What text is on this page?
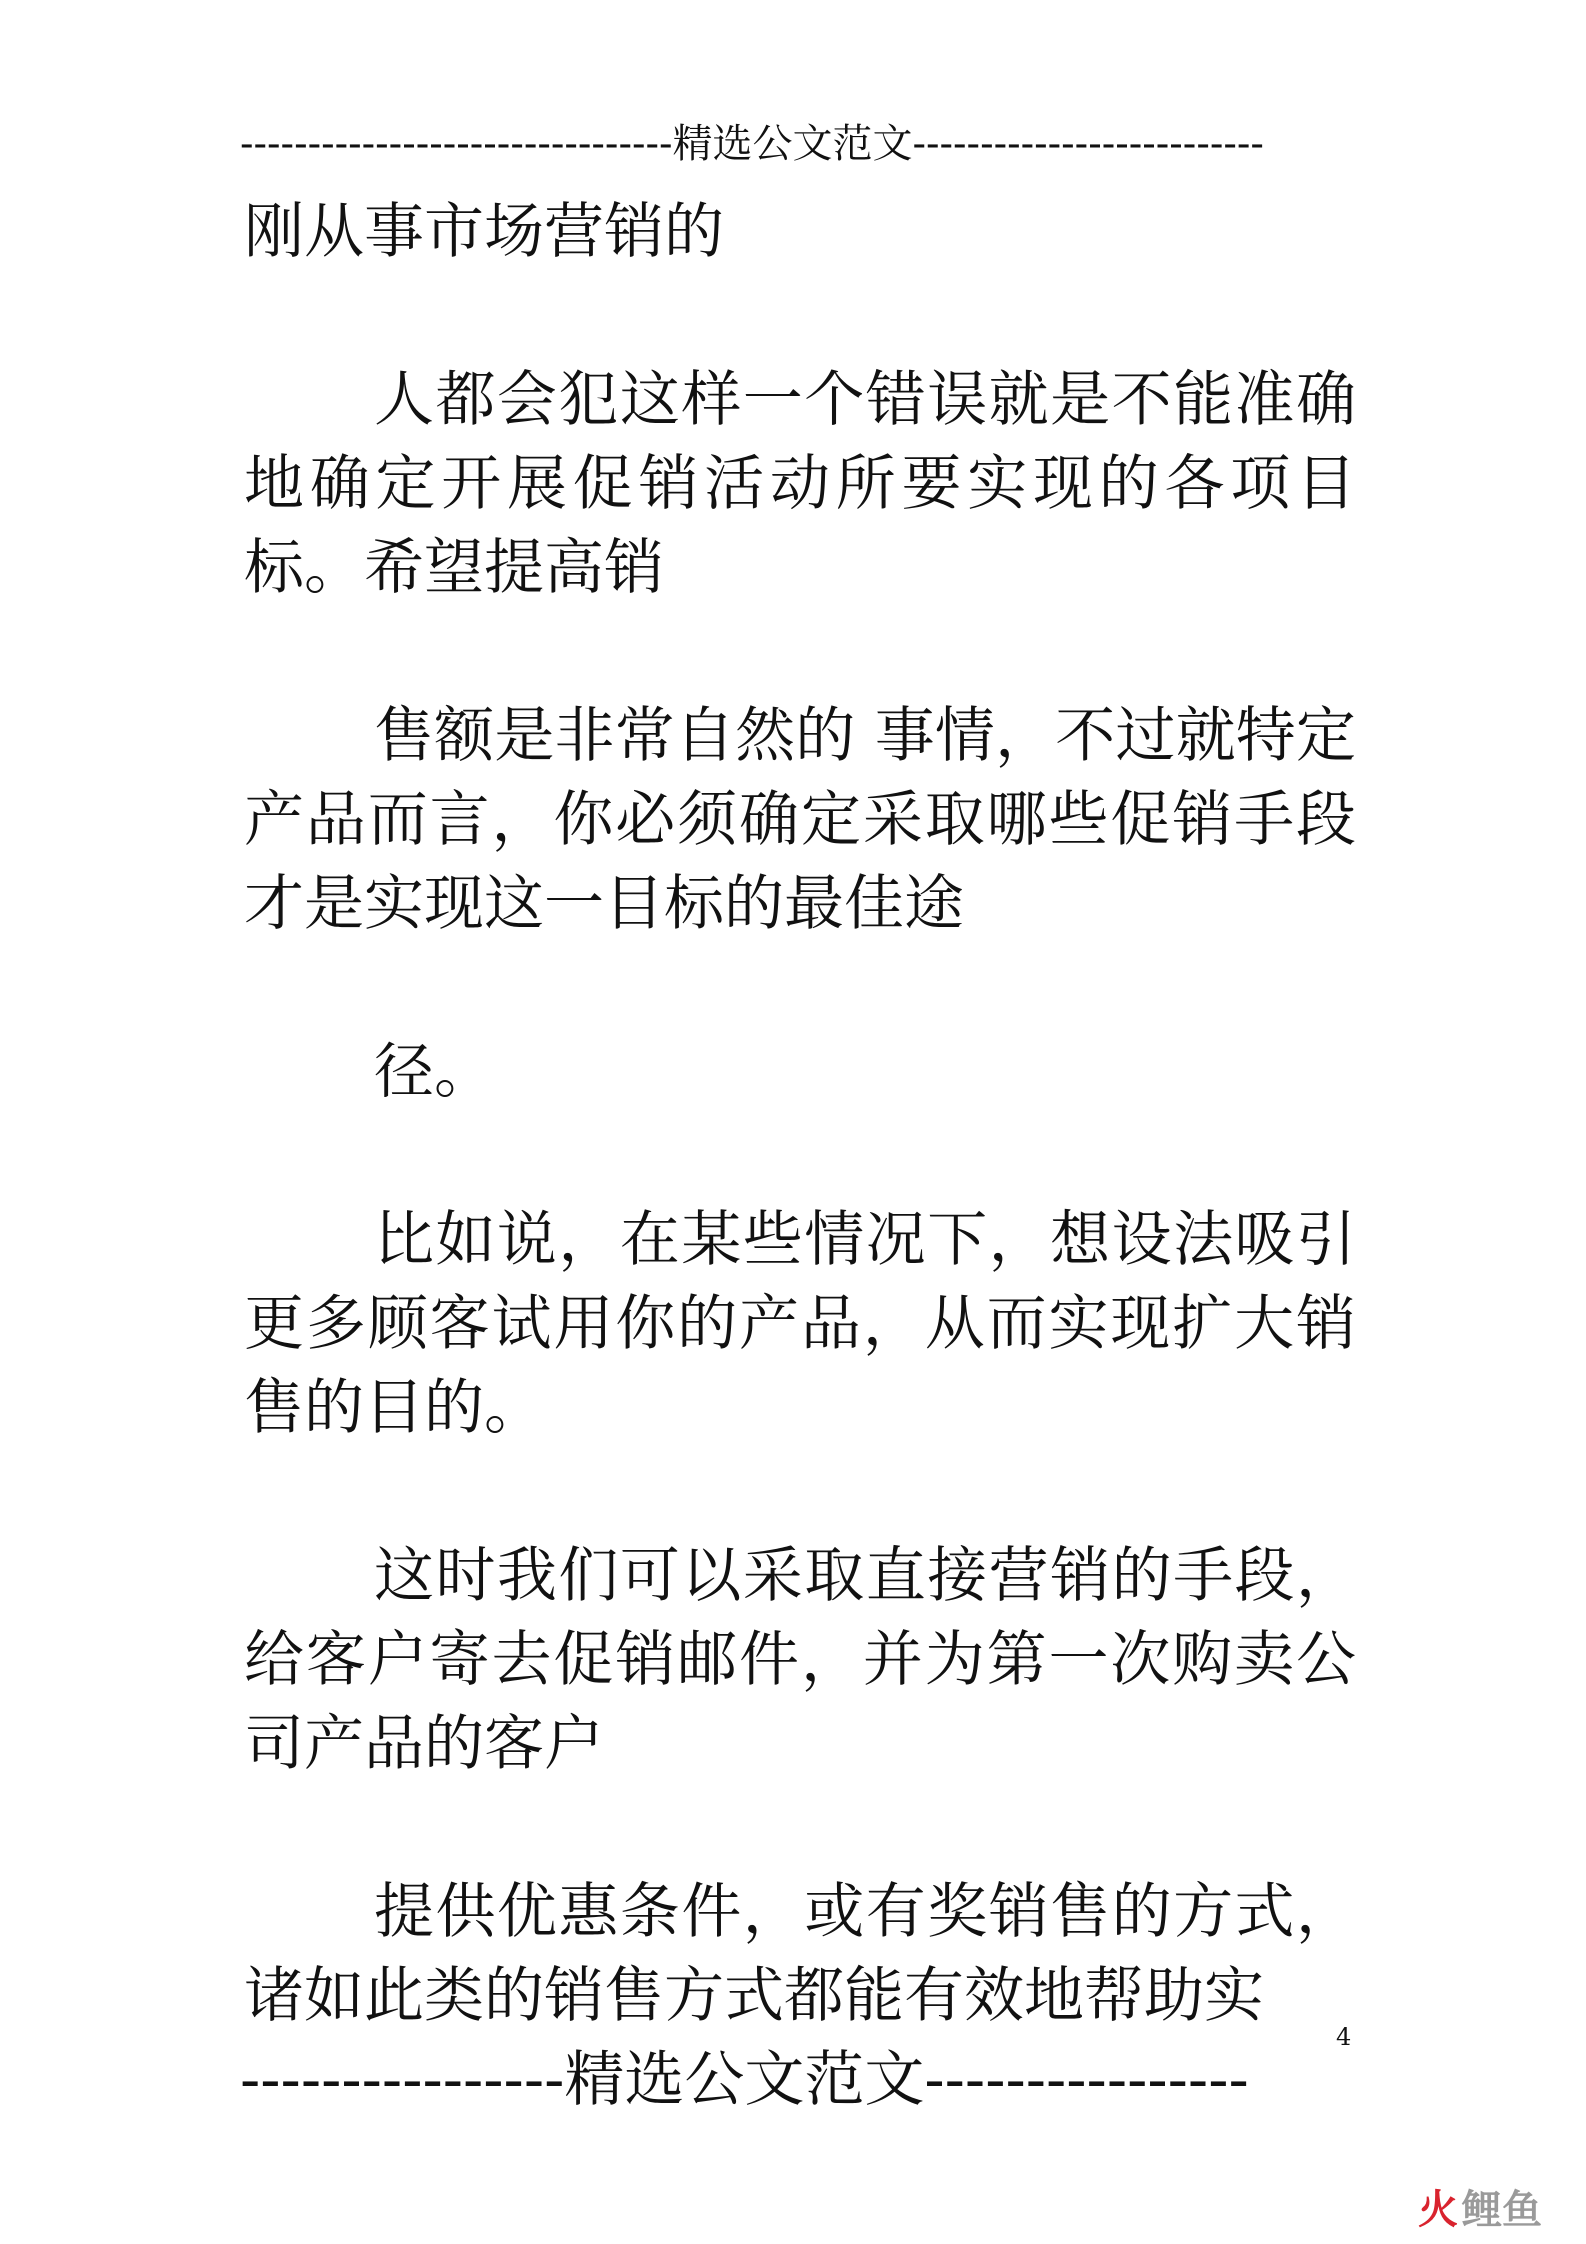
--------------------------------精选公文范文--------------------------

刚从事市场营销的

人都会犯这样一个错误就是不能准确地确定开展促销活动所要实现的各项目标。希望提高销

售额是非常自然的 事情，不过就特定产品而言，你必须确定采取哪些促销手段才是实现这一目标的最佳途

径。

比如说，在某些情况下，想设法吸引更多顾客试用你的产品，从而实现扩大销售的目的。

这时我们可以采取直接营销的手段，给客户寄去促销邮件，并为第一次购卖公司产品的客户

提供优惠条件，或有奖销售的方式，诸如此类的销售方式都能有效地帮助实

4
----------------精选公文范文----------------
火 鲤鱼
